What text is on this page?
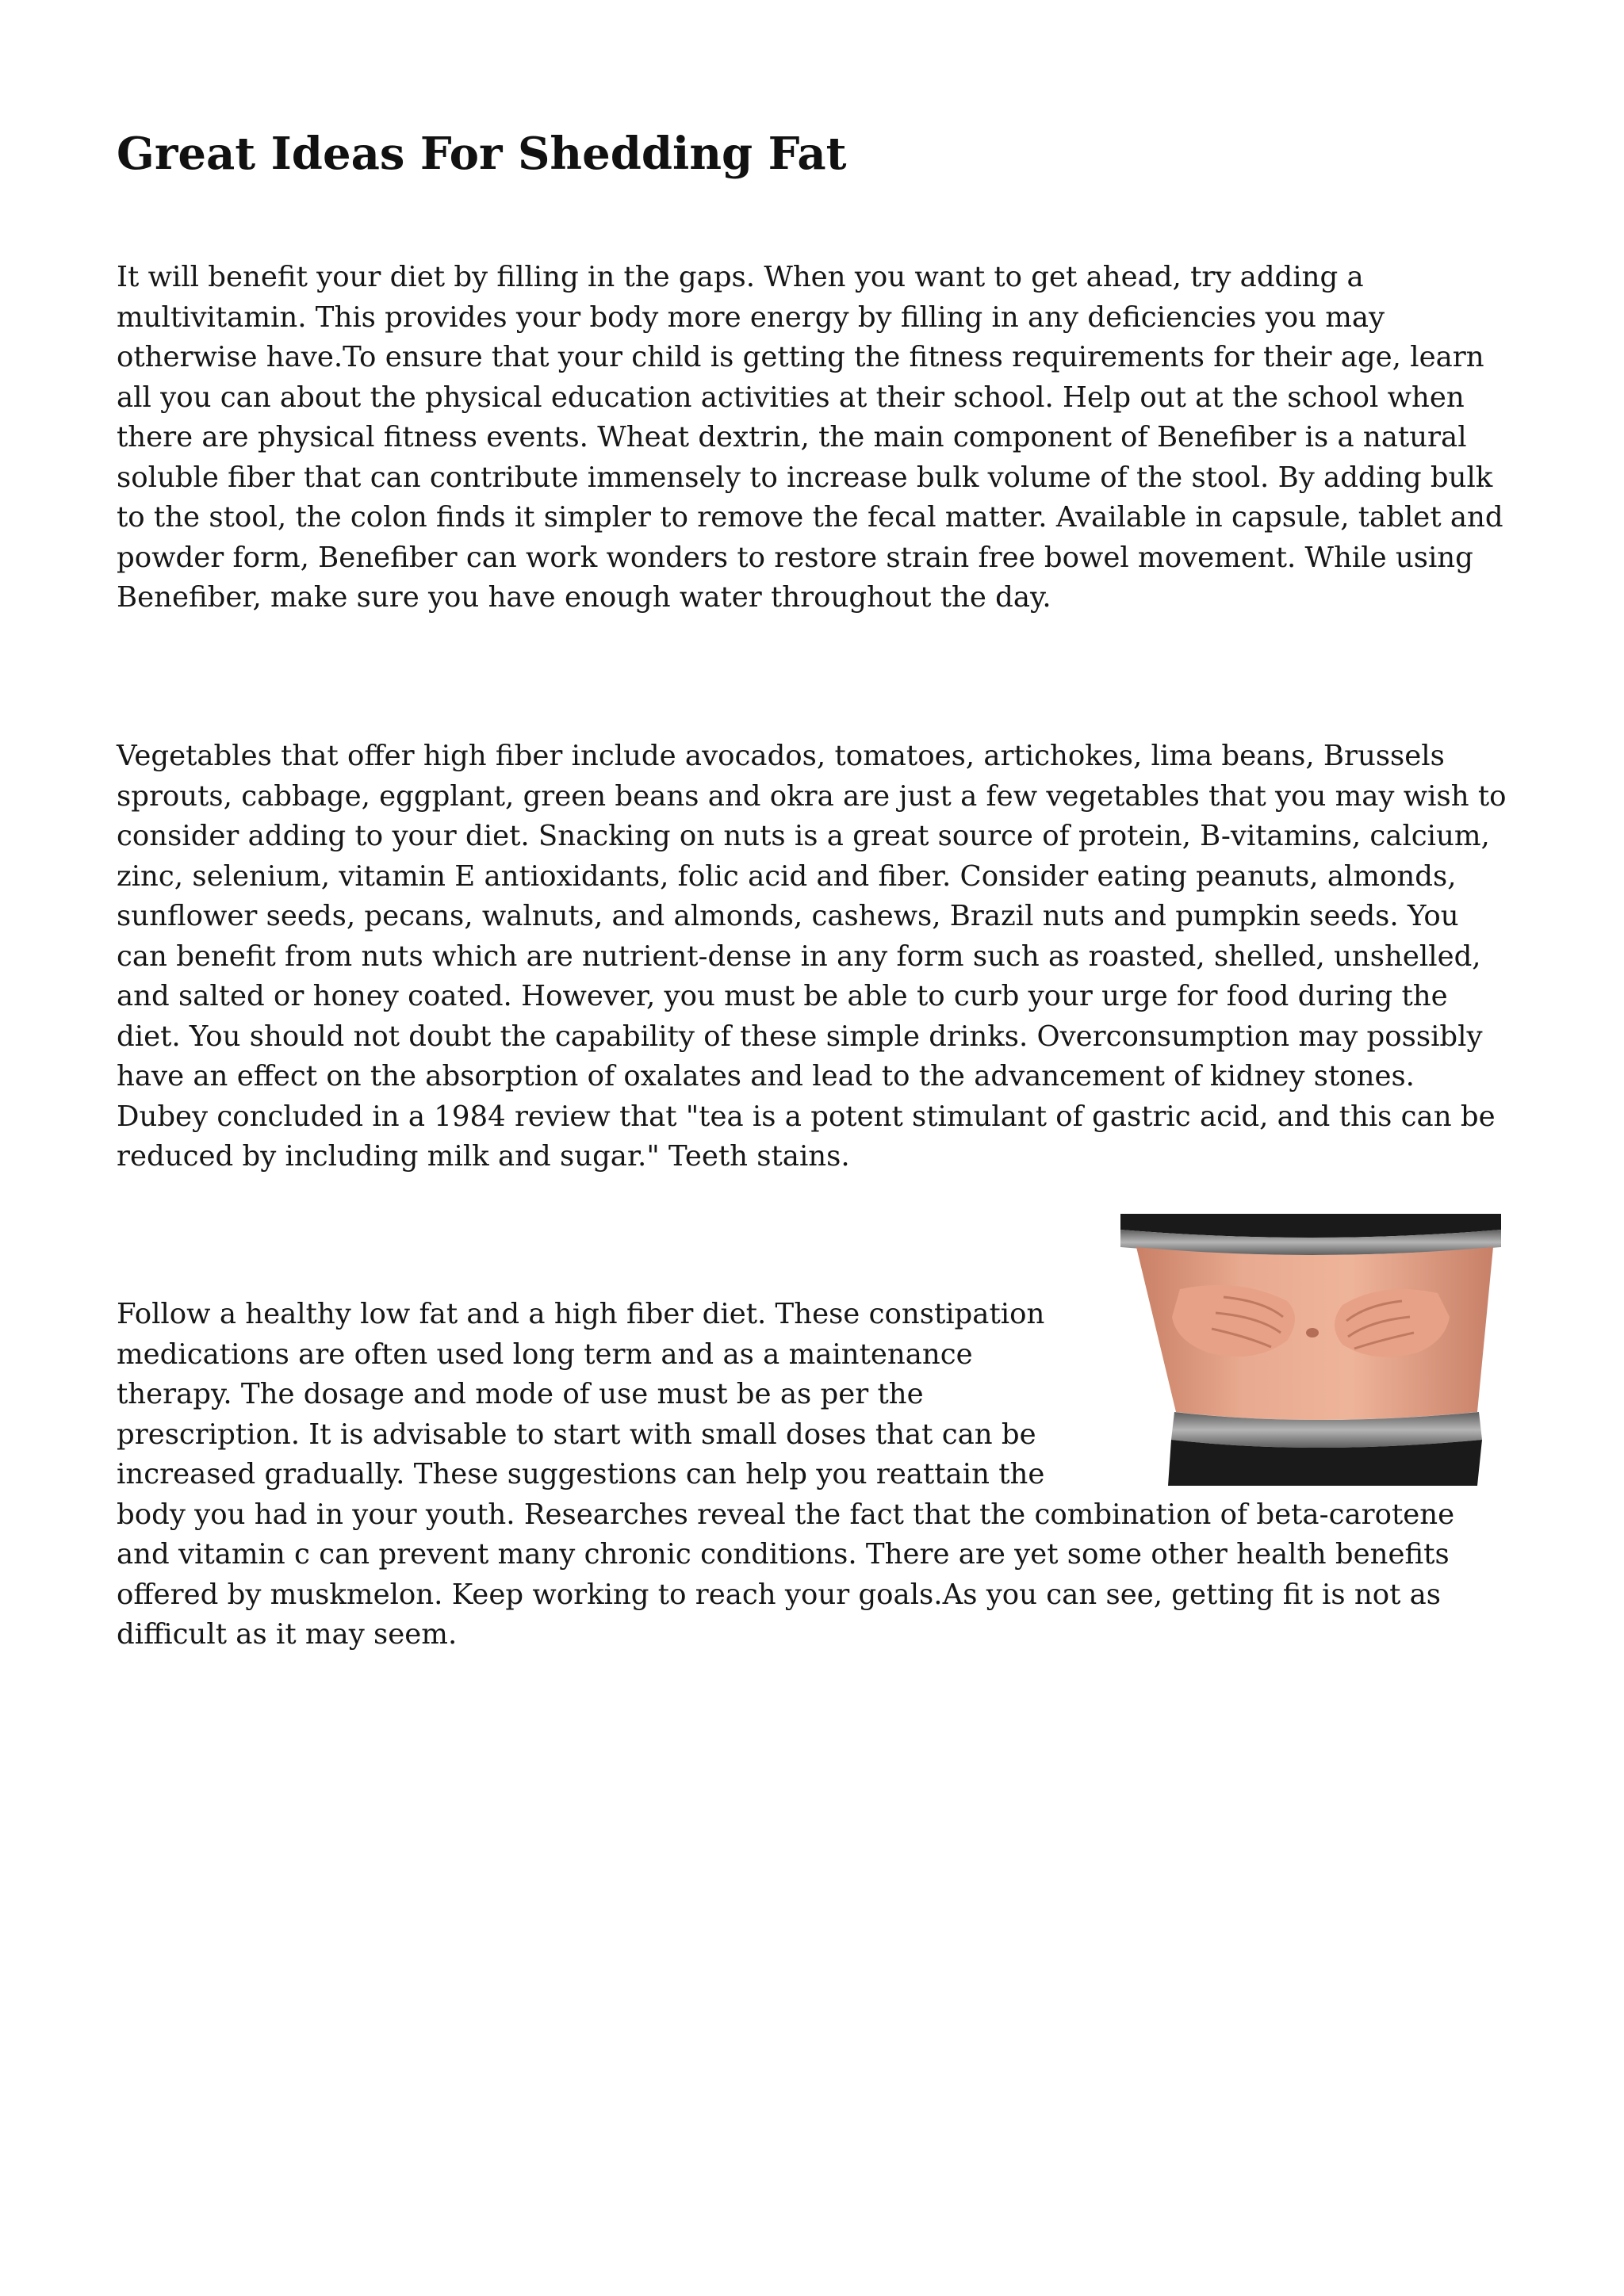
Great Ideas For Shedding Fat

It will benefit your diet by filling in the gaps. When you want to get ahead, try adding a multivitamin. This provides your body more energy by filling in any deficiencies you may otherwise have.To ensure that your child is getting the fitness requirements for their age, learn all you can about the physical education activities at their school. Help out at the school when there are physical fitness events. Wheat dextrin, the main component of Benefiber is a natural soluble fiber that can contribute immensely to increase bulk volume of the stool. By adding bulk to the stool, the colon finds it simpler to remove the fecal matter. Available in capsule, tablet and powder form, Benefiber can work wonders to restore strain free bowel movement. While using Benefiber, make sure you have enough water throughout the day.

Vegetables that offer high fiber include avocados, tomatoes, artichokes, lima beans, Brussels sprouts, cabbage, eggplant, green beans and okra are just a few vegetables that you may wish to consider adding to your diet. Snacking on nuts is a great source of protein, B-vitamins, calcium, zinc, selenium, vitamin E antioxidants, folic acid and fiber. Consider eating peanuts, almonds, sunflower seeds, pecans, walnuts, and almonds, cashews, Brazil nuts and pumpkin seeds. You can benefit from nuts which are nutrient-dense in any form such as roasted, shelled, unshelled, and salted or honey coated. However, you must be able to curb your urge for food during the diet. You should not doubt the capability of these simple drinks. Overconsumption may possibly have an effect on the absorption of oxalates and lead to the advancement of kidney stones. Dubey concluded in a 1984 review that "tea is a potent stimulant of gastric acid, and this can be reduced by including milk and sugar." Teeth stains.

Follow a healthy low fat and a high fiber diet. These constipation medications are often used long term and as a maintenance therapy. The dosage and mode of use must be as per the prescription. It is advisable to start with small doses that can be increased gradually. These suggestions can help you reattain the body you had in your youth. Researches reveal the fact that the combination of beta-carotene and vitamin c can prevent many chronic conditions. There are yet some other health benefits offered by muskmelon. Keep working to reach your goals.As you can see, getting fit is not as difficult as it may seem.
